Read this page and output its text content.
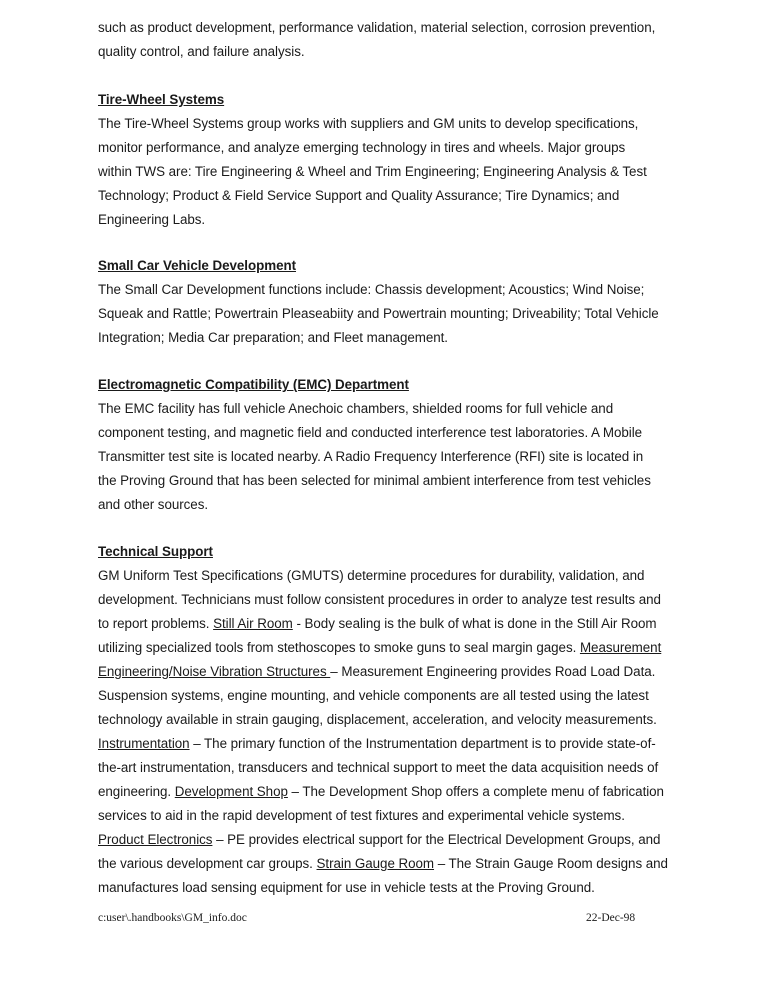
such as product development, performance validation, material selection, corrosion prevention,
quality control, and failure analysis.
Tire-Wheel Systems
The Tire-Wheel Systems group works with suppliers and GM units to develop specifications,
monitor performance, and analyze emerging technology in tires and wheels. Major groups
within TWS are: Tire Engineering & Wheel and Trim Engineering; Engineering Analysis & Test
Technology; Product & Field Service Support and Quality Assurance; Tire Dynamics; and
Engineering Labs.
Small Car Vehicle Development
The Small Car Development functions include: Chassis development; Acoustics; Wind Noise;
Squeak and Rattle; Powertrain Pleaseabiity and Powertrain mounting; Driveability; Total Vehicle
Integration; Media Car preparation; and Fleet management.
Electromagnetic Compatibility (EMC) Department
The EMC facility has full vehicle Anechoic chambers, shielded rooms for full vehicle and
component testing, and magnetic field and conducted interference test laboratories. A Mobile
Transmitter test site is located nearby. A Radio Frequency Interference (RFI) site is located in
the Proving Ground that has been selected for minimal ambient interference from test vehicles
and other sources.
Technical Support
GM Uniform Test Specifications (GMUTS) determine procedures for durability, validation, and
development. Technicians must follow consistent procedures in order to analyze test results and
to report problems. Still Air Room - Body sealing is the bulk of what is done in the Still Air Room
utilizing specialized tools from stethoscopes to smoke guns to seal margin gages. Measurement
Engineering/Noise Vibration Structures – Measurement Engineering provides Road Load Data.
Suspension systems, engine mounting, and vehicle components are all tested using the latest
technology available in strain gauging, displacement, acceleration, and velocity measurements.
Instrumentation – The primary function of the Instrumentation department is to provide state-of-
the-art instrumentation, transducers and technical support to meet the data acquisition needs of
engineering. Development Shop – The Development Shop offers a complete menu of fabrication
services to aid in the rapid development of test fixtures and experimental vehicle systems.
Product Electronics – PE provides electrical support for the Electrical Development Groups, and
the various development car groups. Strain Gauge Room – The Strain Gauge Room designs and
manufactures load sensing equipment for use in vehicle tests at the Proving Ground.
c:user\.handbooks\GM_info.doc	22-Dec-98
